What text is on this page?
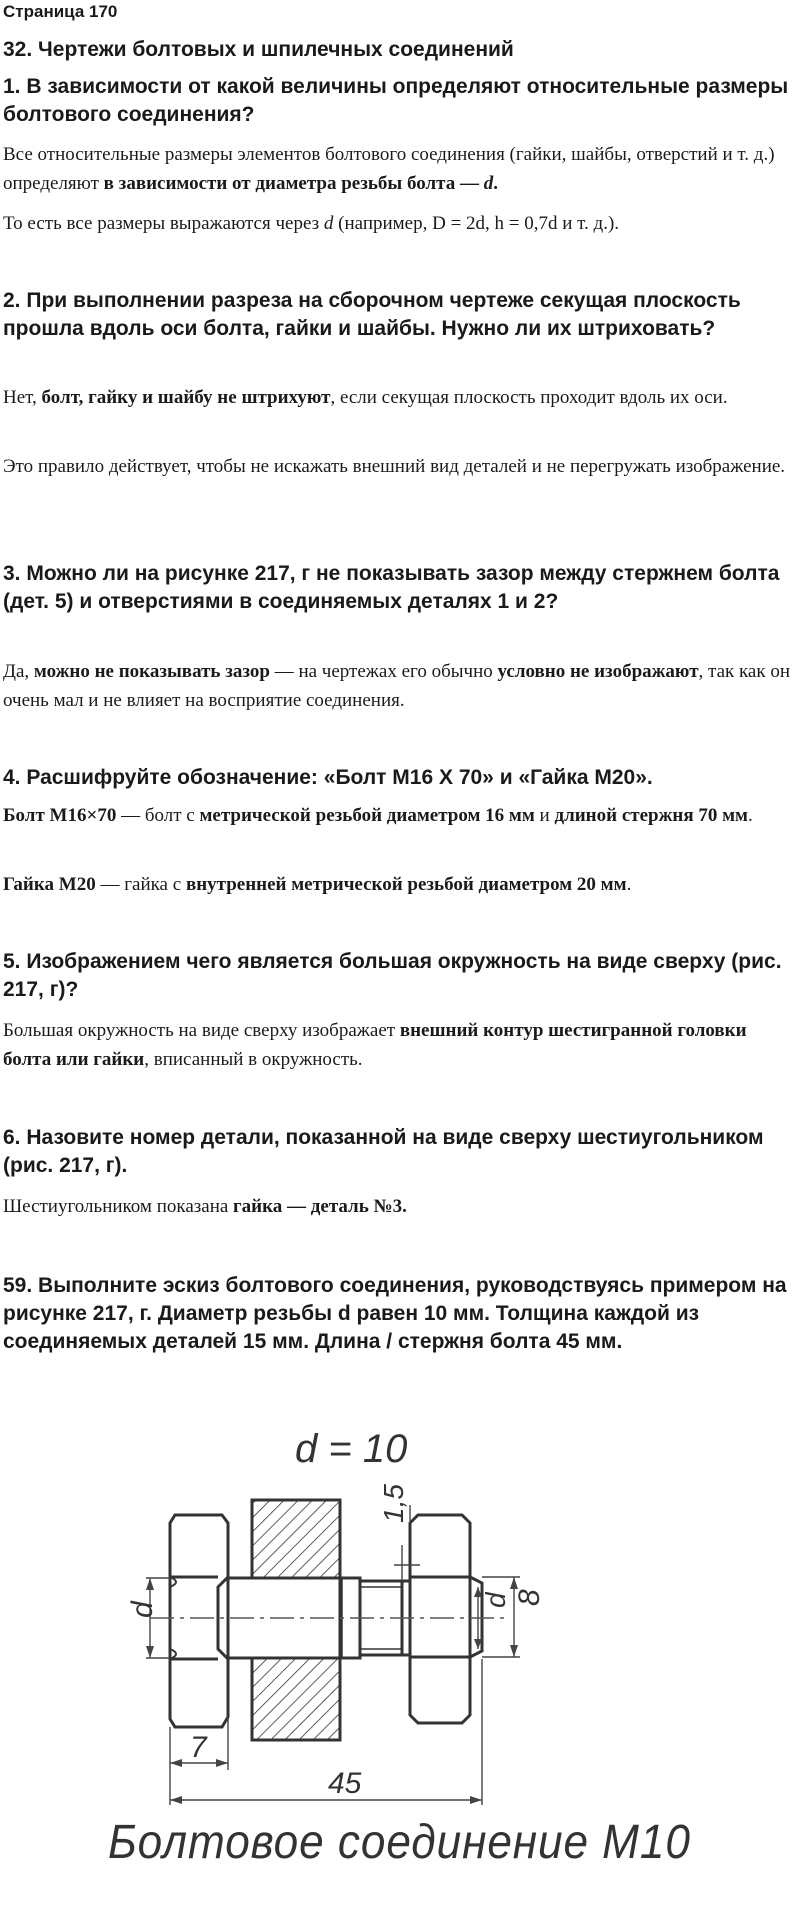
Страница 170
32. Чертежи болтовых и шпилечных соединений
1. В зависимости от какой величины определяют относительные размеры болтового соединения?

Все относительные размеры элементов болтового соединения (гайки, шайбы, отверстий и т. д.) определяют в зависимости от диаметра резьбы болта — d.

То есть все размеры выражаются через d (например, D = 2d, h = 0,7d и т. д.).

2. При выполнении разреза на сборочном чертеже секущая плоскость прошла вдоль оси болта, гайки и шайбы. Нужно ли их штриховать?

Нет, болт, гайку и шайбу не штрихуют, если секущая плоскость проходит вдоль их оси.

Это правило действует, чтобы не искажать внешний вид деталей и не перегружать изображение.

3. Можно ли на рисунке 217, г не показывать зазор между стержнем болта (дет. 5) и отверстиями в соединяемых деталях 1 и 2?

Да, можно не показывать зазор — на чертежах его обычно условно не изображают, так как он очень мал и не влияет на восприятие соединения.

4. Расшифруйте обозначение: «Болт М16 X 70» и «Гайка М20».

Болт М16×70 — болт с метрической резьбой диаметром 16 мм и длиной стержня 70 мм.

Гайка М20 — гайка с внутренней метрической резьбой диаметром 20 мм.

5. Изображением чего является большая окружность на виде сверху (рис. 217, г)?

Большая окружность на виде сверху изображает внешний контур шестигранной головки болта или гайки, вписанный в окружность.

6. Назовите номер детали, показанной на виде сверху шестиугольником (рис. 217, г).

Шестиугольником показана гайка — деталь №3.

59. Выполните эскиз болтового соединения, руководствуясь примером на рисунке 217, г. Диаметр резьбы d равен 10 мм. Толщина каждой из соединяемых деталей 15 мм. Длина / стержня болта 45 мм.
d = 10
d
1,5
d 8
7
45
Болтовое соединение М10
